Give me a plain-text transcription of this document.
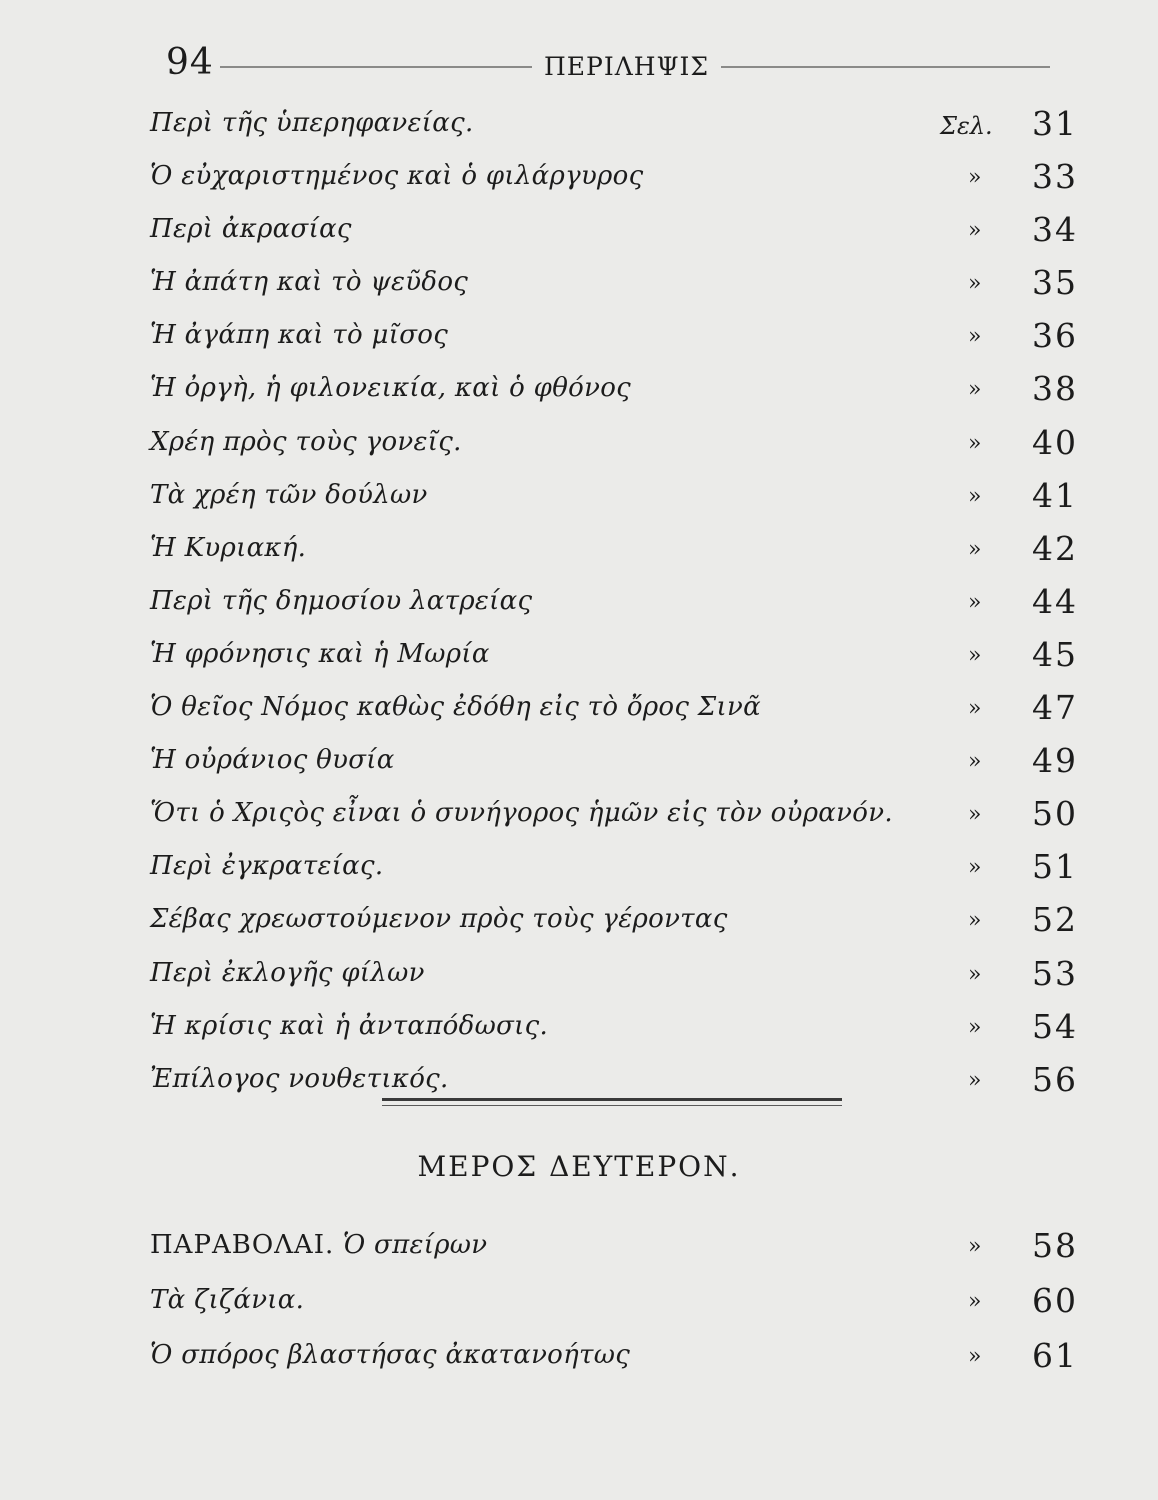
94	ΠΕΡΙΛΗΨΙΣ
Περὶ τῆς ὑπερηφανείας.	Σελ. 31
Ὁ εὐχαριστημένος καὶ ὁ φιλάργυρος	» 33
Περὶ ἀκρασίας	» 34
Ἡ ἀπάτη καὶ τὸ ψεῦδος	» 35
Ἡ ἀγάπη καὶ τὸ μῖσος	» 36
Ἡ ὀργὴ, ἡ φιλονεικία, καὶ ὁ φθόνος	» 38
Χρέη πρὸς τοὺς γονεῖς.	» 40
Τὰ χρέη τῶν δούλων	» 41
Ἡ Κυριακή.	» 42
Περὶ τῆς δημοσίου λατρείας	» 44
Ἡ φρόνησις καὶ ἡ Μωρία	» 45
Ὁ θεῖος Νόμος καθὼς ἐδόθη εἰς τὸ ὄρος Σινᾶ	» 47
Ἡ οὐράνιος θυσία	» 49
Ὅτι ὁ Χριςὸς εἶναι ὁ συνήγορος ἡμῶν εἰς τὸν οὐρανόν.	» 50
Περὶ ἐγκρατείας.	» 51
Σέβας χρεωστούμενον πρὸς τοὺς γέροντας	» 52
Περὶ ἐκλογῆς φίλων	» 53
Ἡ κρίσις καὶ ἡ ἀνταπόδωσις.	» 54
Ἐπίλογος νουθετικός.	» 56
ΜΕΡΟΣ ΔΕΥΤΕΡΟΝ.
ΠΑΡΑΒΟΛΑΙ. Ὁ σπείρων	» 58
Τὰ ζιζάνια.	» 60
Ὁ σπόρος βλαστήσας ἀκατανοήτως	» 61
